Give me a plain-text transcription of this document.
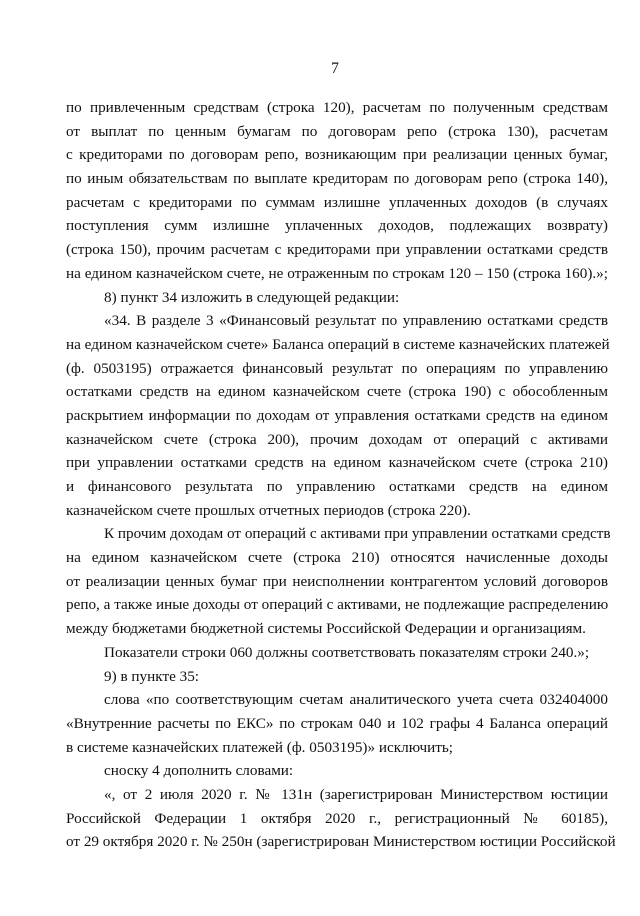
7
по привлеченным средствам (строка 120), расчетам по полученным средствам
от выплат по ценным бумагам по договорам репо (строка 130), расчетам
с кредиторами по договорам репо, возникающим при реализации ценных бумаг,
по иным обязательствам по выплате кредиторам по договорам репо (строка 140),
расчетам с кредиторами по суммам излишне уплаченных доходов (в случаях
поступления сумм излишне уплаченных доходов, подлежащих возврату)
(строка 150), прочим расчетам с кредиторами при управлении остатками средств
на едином казначейском счете, не отраженным по строкам 120 – 150 (строка 160).»;
8) пункт 34 изложить в следующей редакции:
«34. В разделе 3 «Финансовый результат по управлению остатками средств
на едином казначейском счете» Баланса операций в системе казначейских платежей
(ф. 0503195) отражается финансовый результат по операциям по управлению
остатками средств на едином казначейском счете (строка 190) с обособленным
раскрытием информации по доходам от управления остатками средств на едином
казначейском счете (строка 200), прочим доходам от операций с активами
при управлении остатками средств на едином казначейском счете (строка 210)
и финансового результата по управлению остатками средств на едином
казначейском счете прошлых отчетных периодов (строка 220).
К прочим доходам от операций с активами при управлении остатками средств
на едином казначейском счете (строка 210) относятся начисленные доходы
от реализации ценных бумаг при неисполнении контрагентом условий договоров
репо, а также иные доходы от операций с активами, не подлежащие распределению
между бюджетами бюджетной системы Российской Федерации и организациям.
Показатели строки 060 должны соответствовать показателям строки 240.»;
9) в пункте 35:
слова «по соответствующим счетам аналитического учета счета 032404000
«Внутренние расчеты по ЕКС» по строкам 040 и 102 графы 4 Баланса операций
в системе казначейских платежей (ф. 0503195)» исключить;
сноску 4 дополнить словами:
«, от 2 июля 2020 г. № 131н (зарегистрирован Министерством юстиции
Российской Федерации 1 октября 2020 г., регистрационный № 60185),
от 29 октября 2020 г. № 250н (зарегистрирован Министерством юстиции Российской
